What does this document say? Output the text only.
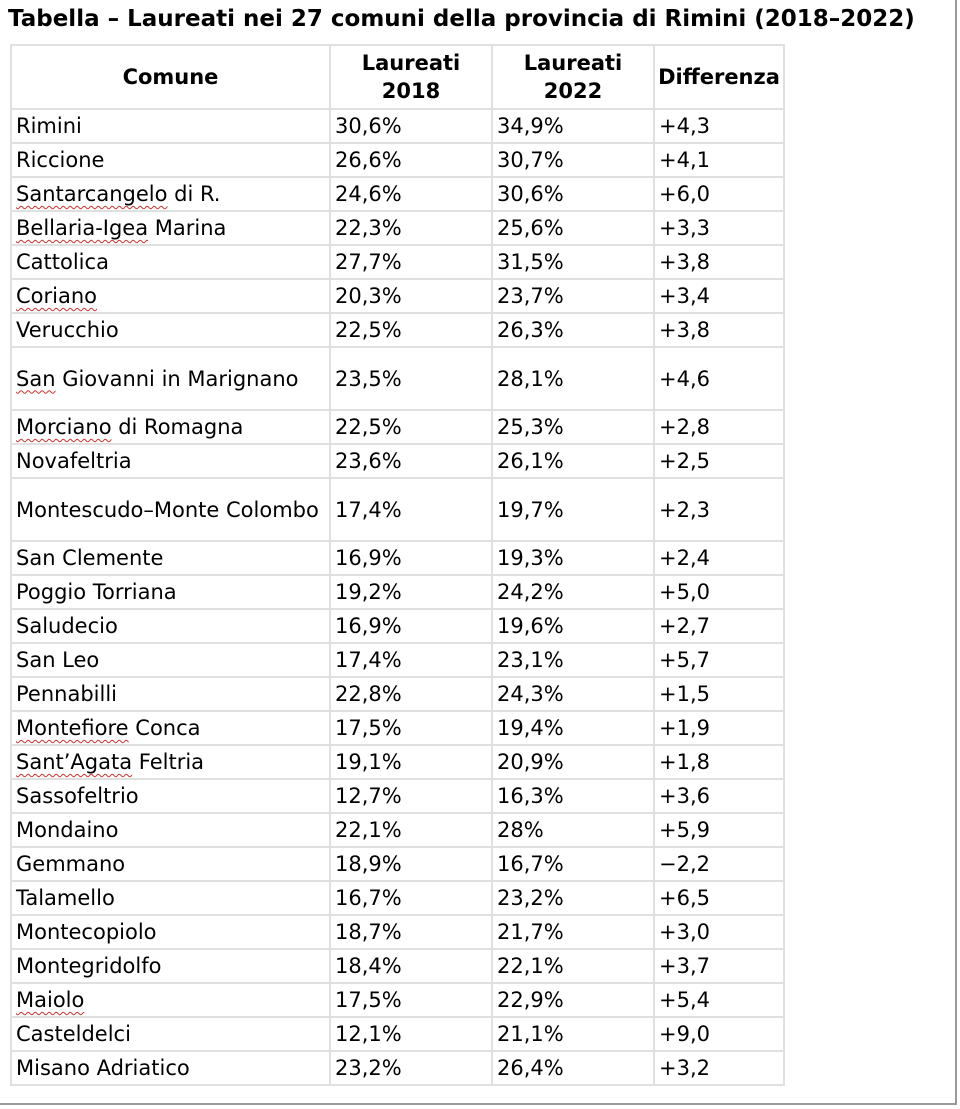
Tabella – Laureati nei 27 comuni della provincia di Rimini (2018–2022)
Comune	Laureati 2018	Laureati 2022	Differenza
Rimini	30,6%	34,9%	+4,3
Riccione	26,6%	30,7%	+4,1
Santarcangelo di R.	24,6%	30,6%	+6,0
Bellaria-Igea Marina	22,3%	25,6%	+3,3
Cattolica	27,7%	31,5%	+3,8
Coriano	20,3%	23,7%	+3,4
Verucchio	22,5%	26,3%	+3,8
San Giovanni in Marignano	23,5%	28,1%	+4,6
Morciano di Romagna	22,5%	25,3%	+2,8
Novafeltria	23,6%	26,1%	+2,5
Montescudo–Monte Colombo	17,4%	19,7%	+2,3
San Clemente	16,9%	19,3%	+2,4
Poggio Torriana	19,2%	24,2%	+5,0
Saludecio	16,9%	19,6%	+2,7
San Leo	17,4%	23,1%	+5,7
Pennabilli	22,8%	24,3%	+1,5
Montefiore Conca	17,5%	19,4%	+1,9
Sant’Agata Feltria	19,1%	20,9%	+1,8
Sassofeltrio	12,7%	16,3%	+3,6
Mondaino	22,1%	28%	+5,9
Gemmano	18,9%	16,7%	−2,2
Talamello	16,7%	23,2%	+6,5
Montecopiolo	18,7%	21,7%	+3,0
Montegridolfo	18,4%	22,1%	+3,7
Maiolo	17,5%	22,9%	+5,4
Casteldelci	12,1%	21,1%	+9,0
Misano Adriatico	23,2%	26,4%	+3,2
